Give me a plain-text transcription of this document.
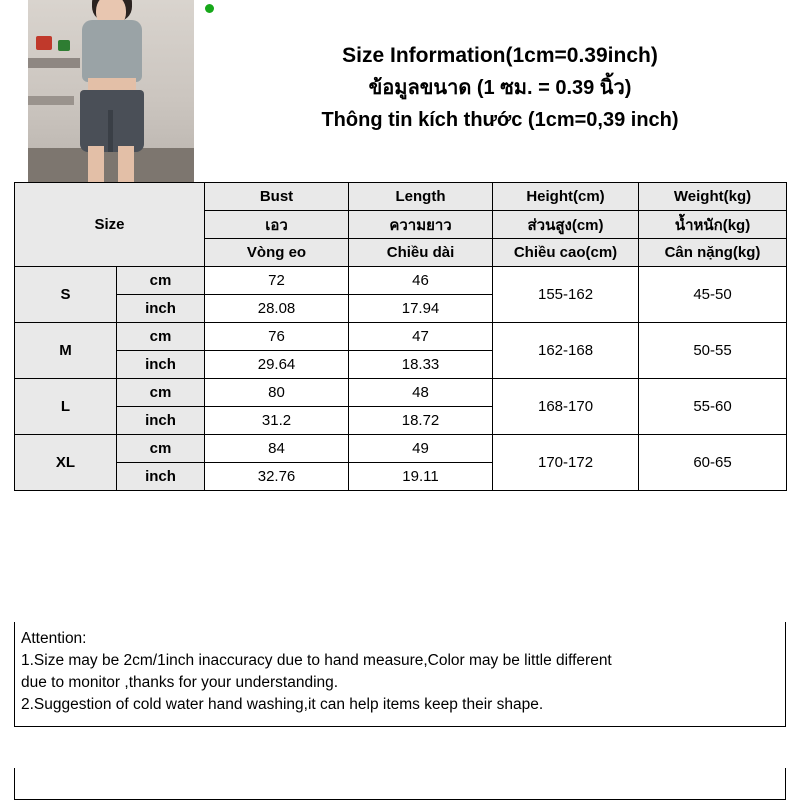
Size Information(1cm=0.39inch)
ข้อมูลขนาด (1 ซม. = 0.39 นิ้ว)
Thông tin kích thước (1cm=0,39 inch)
Size		Bust	Length	Height(cm)	Weight(kg)
		เอว	ความยาว	ส่วนสูง(cm)	น้ำหนัก(kg)
		Vòng eo	Chiều dài	Chiều cao(cm)	Cân nặng(kg)
S	cm	72	46	155-162	45-50
	inch	28.08	17.94		
M	cm	76	47	162-168	50-55
	inch	29.64	18.33		
L	cm	80	48	168-170	55-60
	inch	31.2	18.72		
XL	cm	84	49	170-172	60-65
	inch	32.76	19.11		

Attention:

1.Size may be 2cm/1inch inaccuracy due to hand measure,Color may be little different

due to monitor ,thanks for your understanding.

2.Suggestion of cold water hand washing,it can help items keep their shape.
